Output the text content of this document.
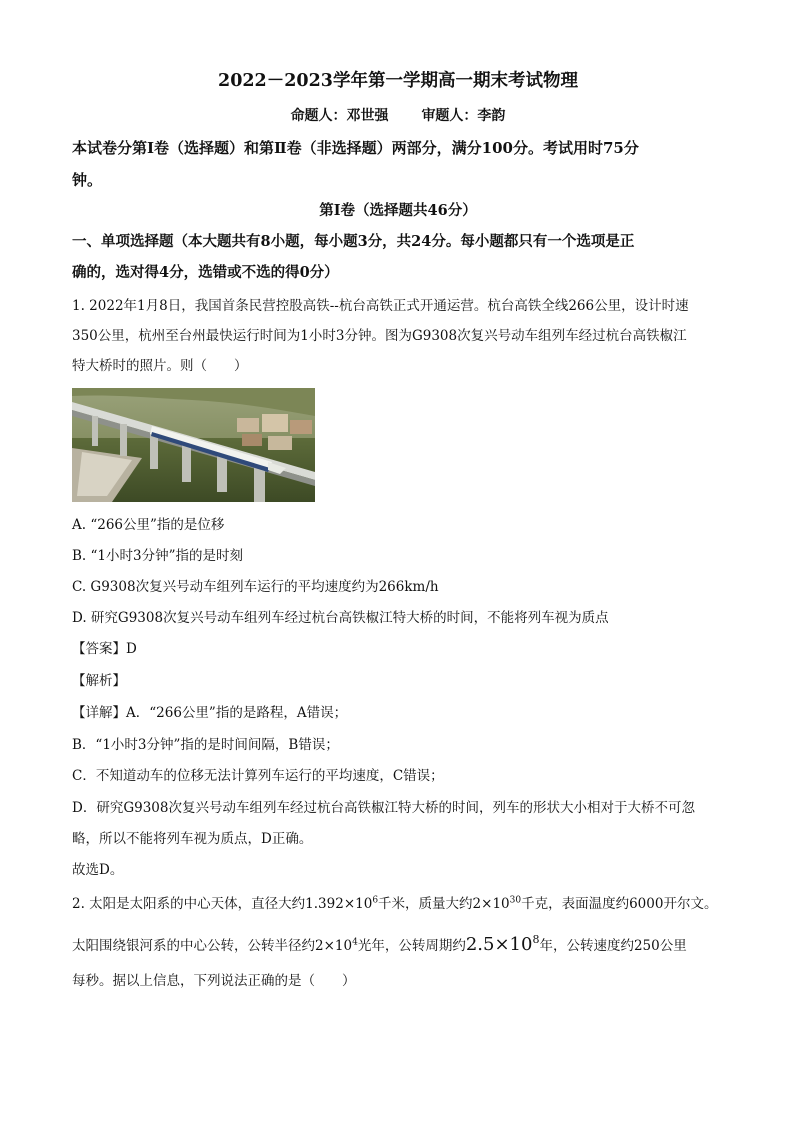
2022－2023学年第一学期高一期末考试物理
命题人：邓世强 审题人：李韵
本试卷分第Ⅰ卷（选择题）和第Ⅱ卷（非选择题）两部分，满分100分。考试用时75分
钟。
第Ⅰ卷（选择题共46分）
一、单项选择题（本大题共有8小题，每小题3分，共24分。每小题都只有一个选项是正
确的，选对得4分，选错或不选的得0分）
1. 2022年1月8日，我国首条民营控股高铁--杭台高铁正式开通运营。杭台高铁全线266公里，设计时速
350公里，杭州至台州最快运行时间为1小时3分钟。图为G9308次复兴号动车组列车经过杭台高铁椒江
特大桥时的照片。则（　　）
A. “266公里”指的是位移
B. “1小时3分钟”指的是时刻
C. G9308次复兴号动车组列车运行的平均速度约为266km/h
D. 研究G9308次复兴号动车组列车经过杭台高铁椒江特大桥的时间，不能将列车视为质点
【答案】D
【解析】
【详解】A．“266公里”指的是路程，A错误；
B．“1小时3分钟”指的是时间间隔，B错误；
C．不知道动车的位移无法计算列车运行的平均速度，C错误；
D．研究G9308次复兴号动车组列车经过杭台高铁椒江特大桥的时间，列车的形状大小相对于大桥不可忽
略，所以不能将列车视为质点，D正确。
故选D。
2. 太阳是太阳系的中心天体，直径大约$1.392\times 10^6$千米，质量大约$2\times 10^{30}$千克，表面温度约6000开尔文。
太阳围绕银河系的中心公转，公转半径约$2\times 10^4$光年，公转周期约$2.5\times 10^8$年，公转速度约250公里
每秒。据以上信息，下列说法正确的是（　　）
